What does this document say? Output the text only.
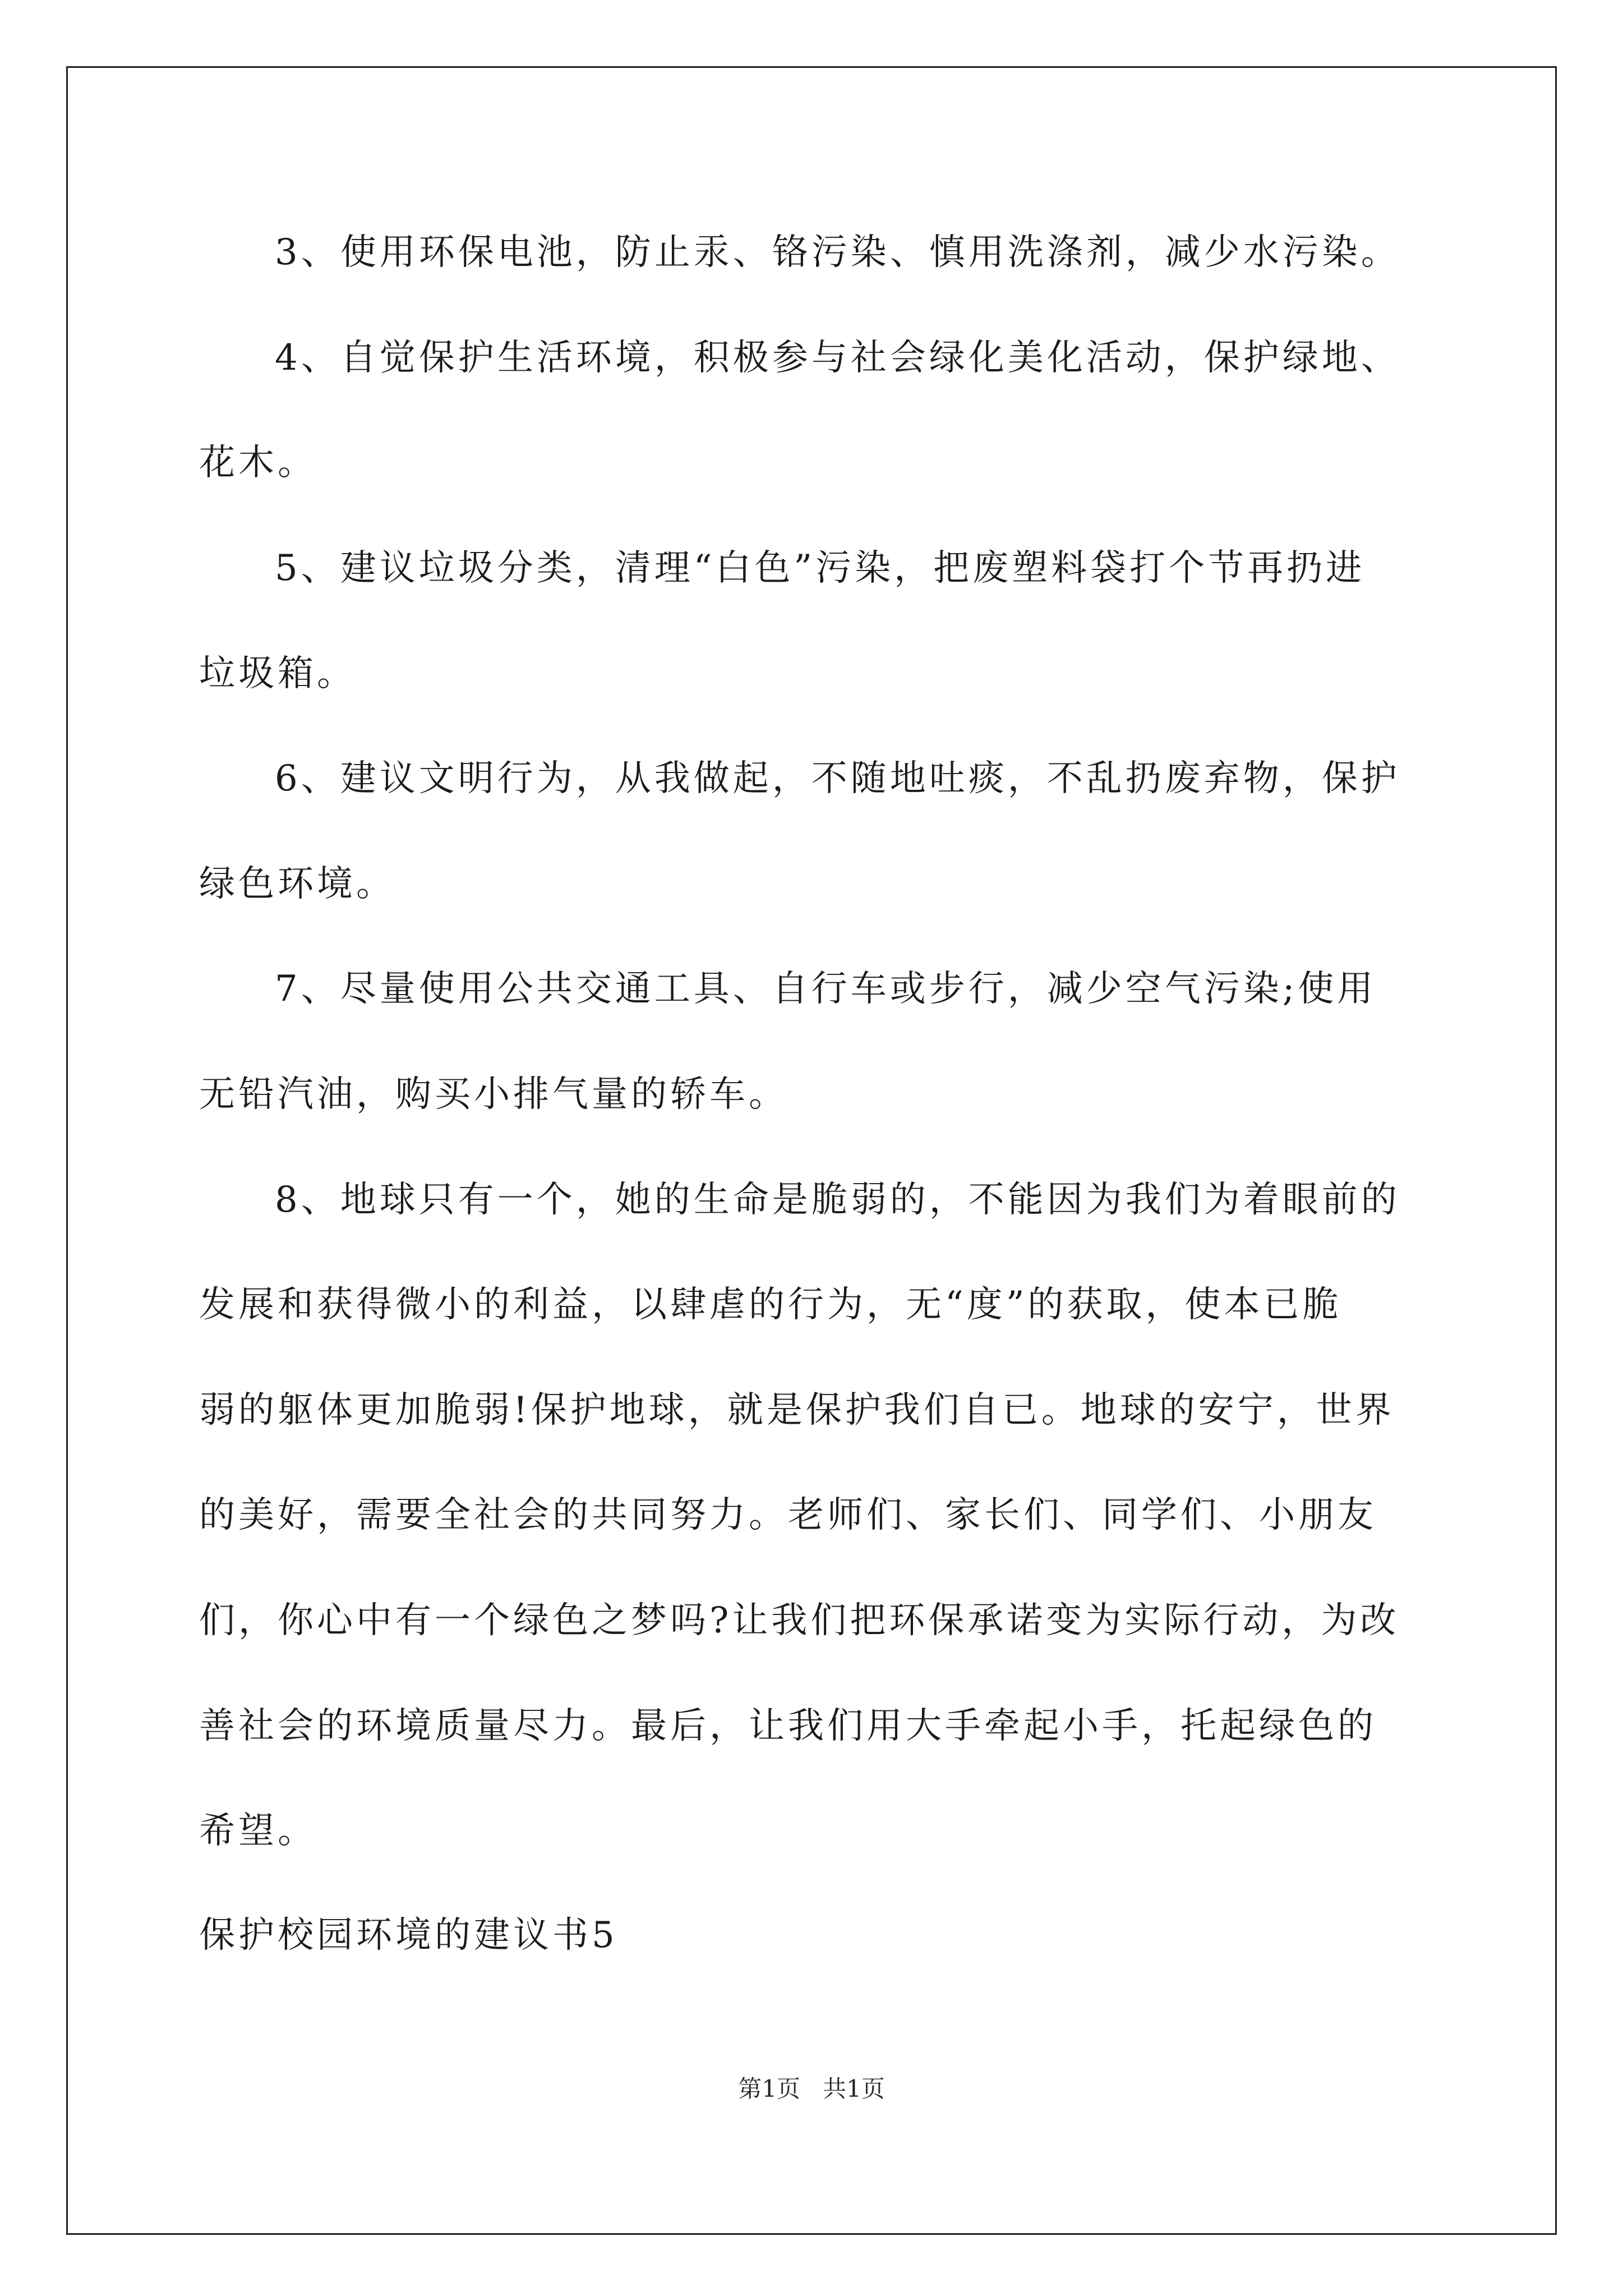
3、使用环保电池，防止汞、铬污染、慎用洗涤剂，减少水污染。
4、自觉保护生活环境，积极参与社会绿化美化活动，保护绿地、
花木。
5、建议垃圾分类，清理“白色”污染，把废塑料袋打个节再扔进
垃圾箱。
6、建议文明行为，从我做起，不随地吐痰，不乱扔废弃物，保护
绿色环境。
7、尽量使用公共交通工具、自行车或步行，减少空气污染;使用
无铅汽油，购买小排气量的轿车。
8、地球只有一个，她的生命是脆弱的，不能因为我们为着眼前的
发展和获得微小的利益，以肆虐的行为，无“度”的获取，使本已脆
弱的躯体更加脆弱!保护地球，就是保护我们自已。地球的安宁，世界
的美好，需要全社会的共同努力。老师们、家长们、同学们、小朋友
们，你心中有一个绿色之梦吗?让我们把环保承诺变为实际行动，为改
善社会的环境质量尽力。最后，让我们用大手牵起小手，托起绿色的
希望。
保护校园环境的建议书5
第1页   共1页
